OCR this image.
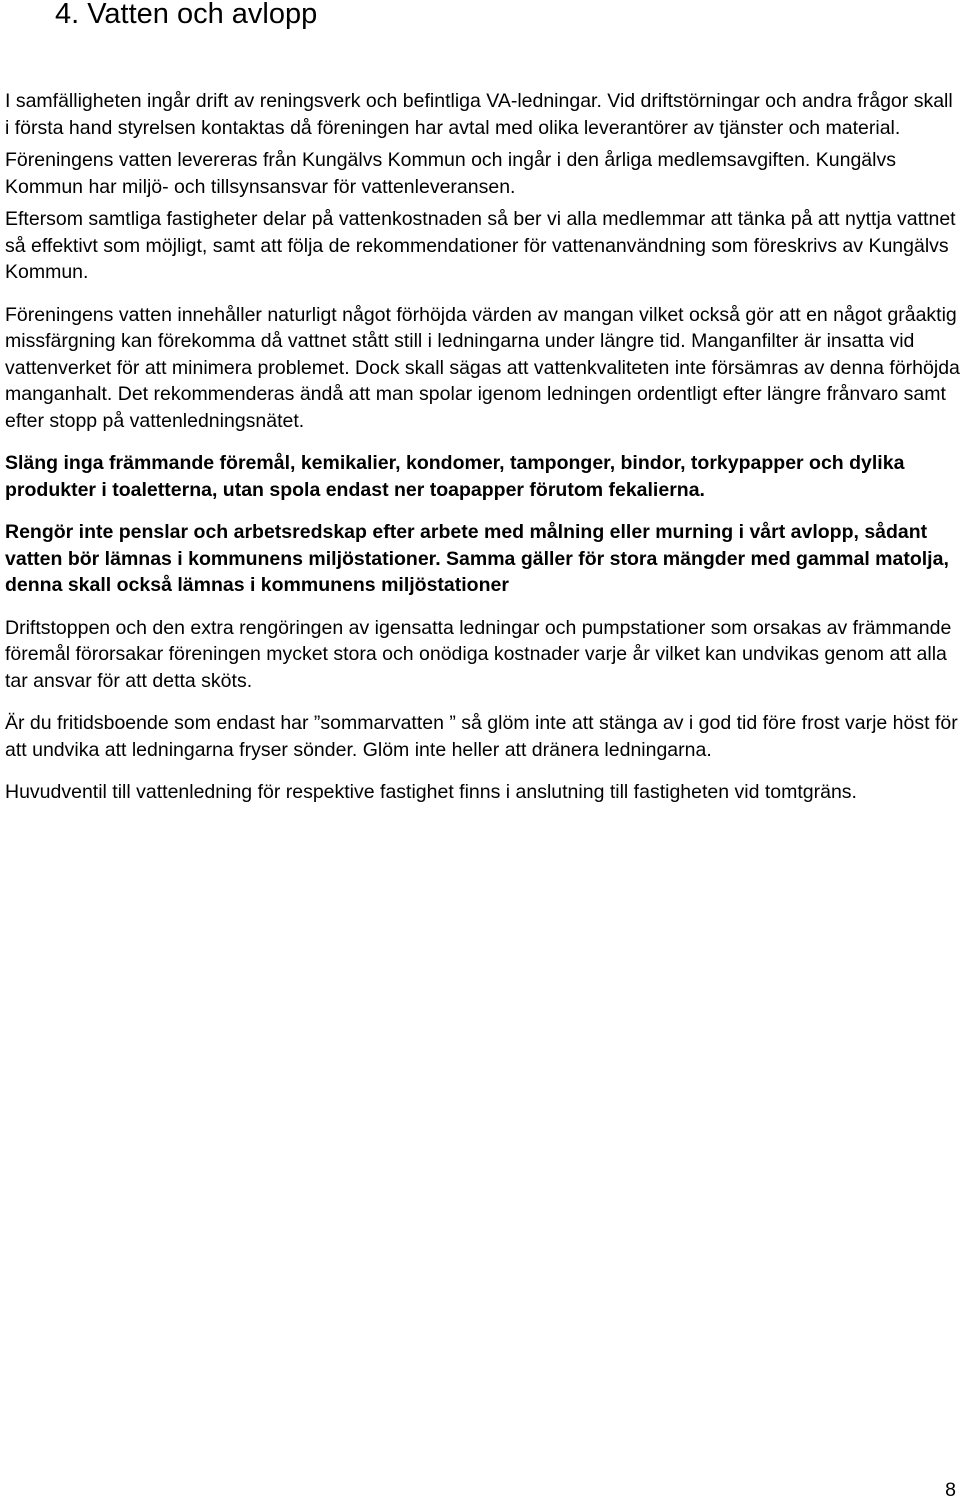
4. Vatten och avlopp

I samfälligheten ingår drift av reningsverk och befintliga VA-ledningar. Vid driftstörningar och andra frågor skall i första hand styrelsen kontaktas då föreningen har avtal med olika leverantörer av tjänster och material.

Föreningens vatten levereras från Kungälvs Kommun och ingår i den årliga medlemsavgiften. Kungälvs Kommun har miljö- och tillsynsansvar för vattenleveransen.

Eftersom samtliga fastigheter delar på vattenkostnaden så ber vi alla medlemmar att tänka på att nyttja vattnet så effektivt som möjligt, samt att följa de rekommendationer för vattenanvändning som föreskrivs av Kungälvs Kommun.

Föreningens vatten innehåller naturligt något förhöjda värden av mangan vilket också gör att en något gråaktig missfärgning kan förekomma då vattnet stått still i ledningarna under längre tid. Manganfilter är insatta vid vattenverket för att minimera problemet. Dock skall sägas att vattenkvaliteten inte försämras av denna förhöjda manganhalt. Det rekommenderas ändå att man spolar igenom ledningen ordentligt efter längre frånvaro samt efter stopp på vattenledningsnätet.

Släng inga främmande föremål, kemikalier, kondomer, tamponger, bindor, torkypapper och dylika produkter i toaletterna, utan spola endast ner toapapper förutom fekalierna.

Rengör inte penslar och arbetsredskap efter arbete med målning eller murning i vårt avlopp, sådant vatten bör lämnas i kommunens miljöstationer. Samma gäller för stora mängder med gammal matolja, denna skall också lämnas i kommunens miljöstationer

Driftstoppen och den extra rengöringen av igensatta ledningar och pumpstationer som orsakas av främmande föremål förorsakar föreningen mycket stora och onödiga kostnader varje år vilket kan undvikas genom att alla tar ansvar för att detta sköts.

Är du fritidsboende som endast har ”sommarvatten ” så glöm inte att stänga av i god tid före frost varje höst för att undvika att ledningarna fryser sönder. Glöm inte heller att dränera ledningarna.

Huvudventil till vattenledning för respektive fastighet finns i anslutning till fastigheten vid tomtgräns.

8
